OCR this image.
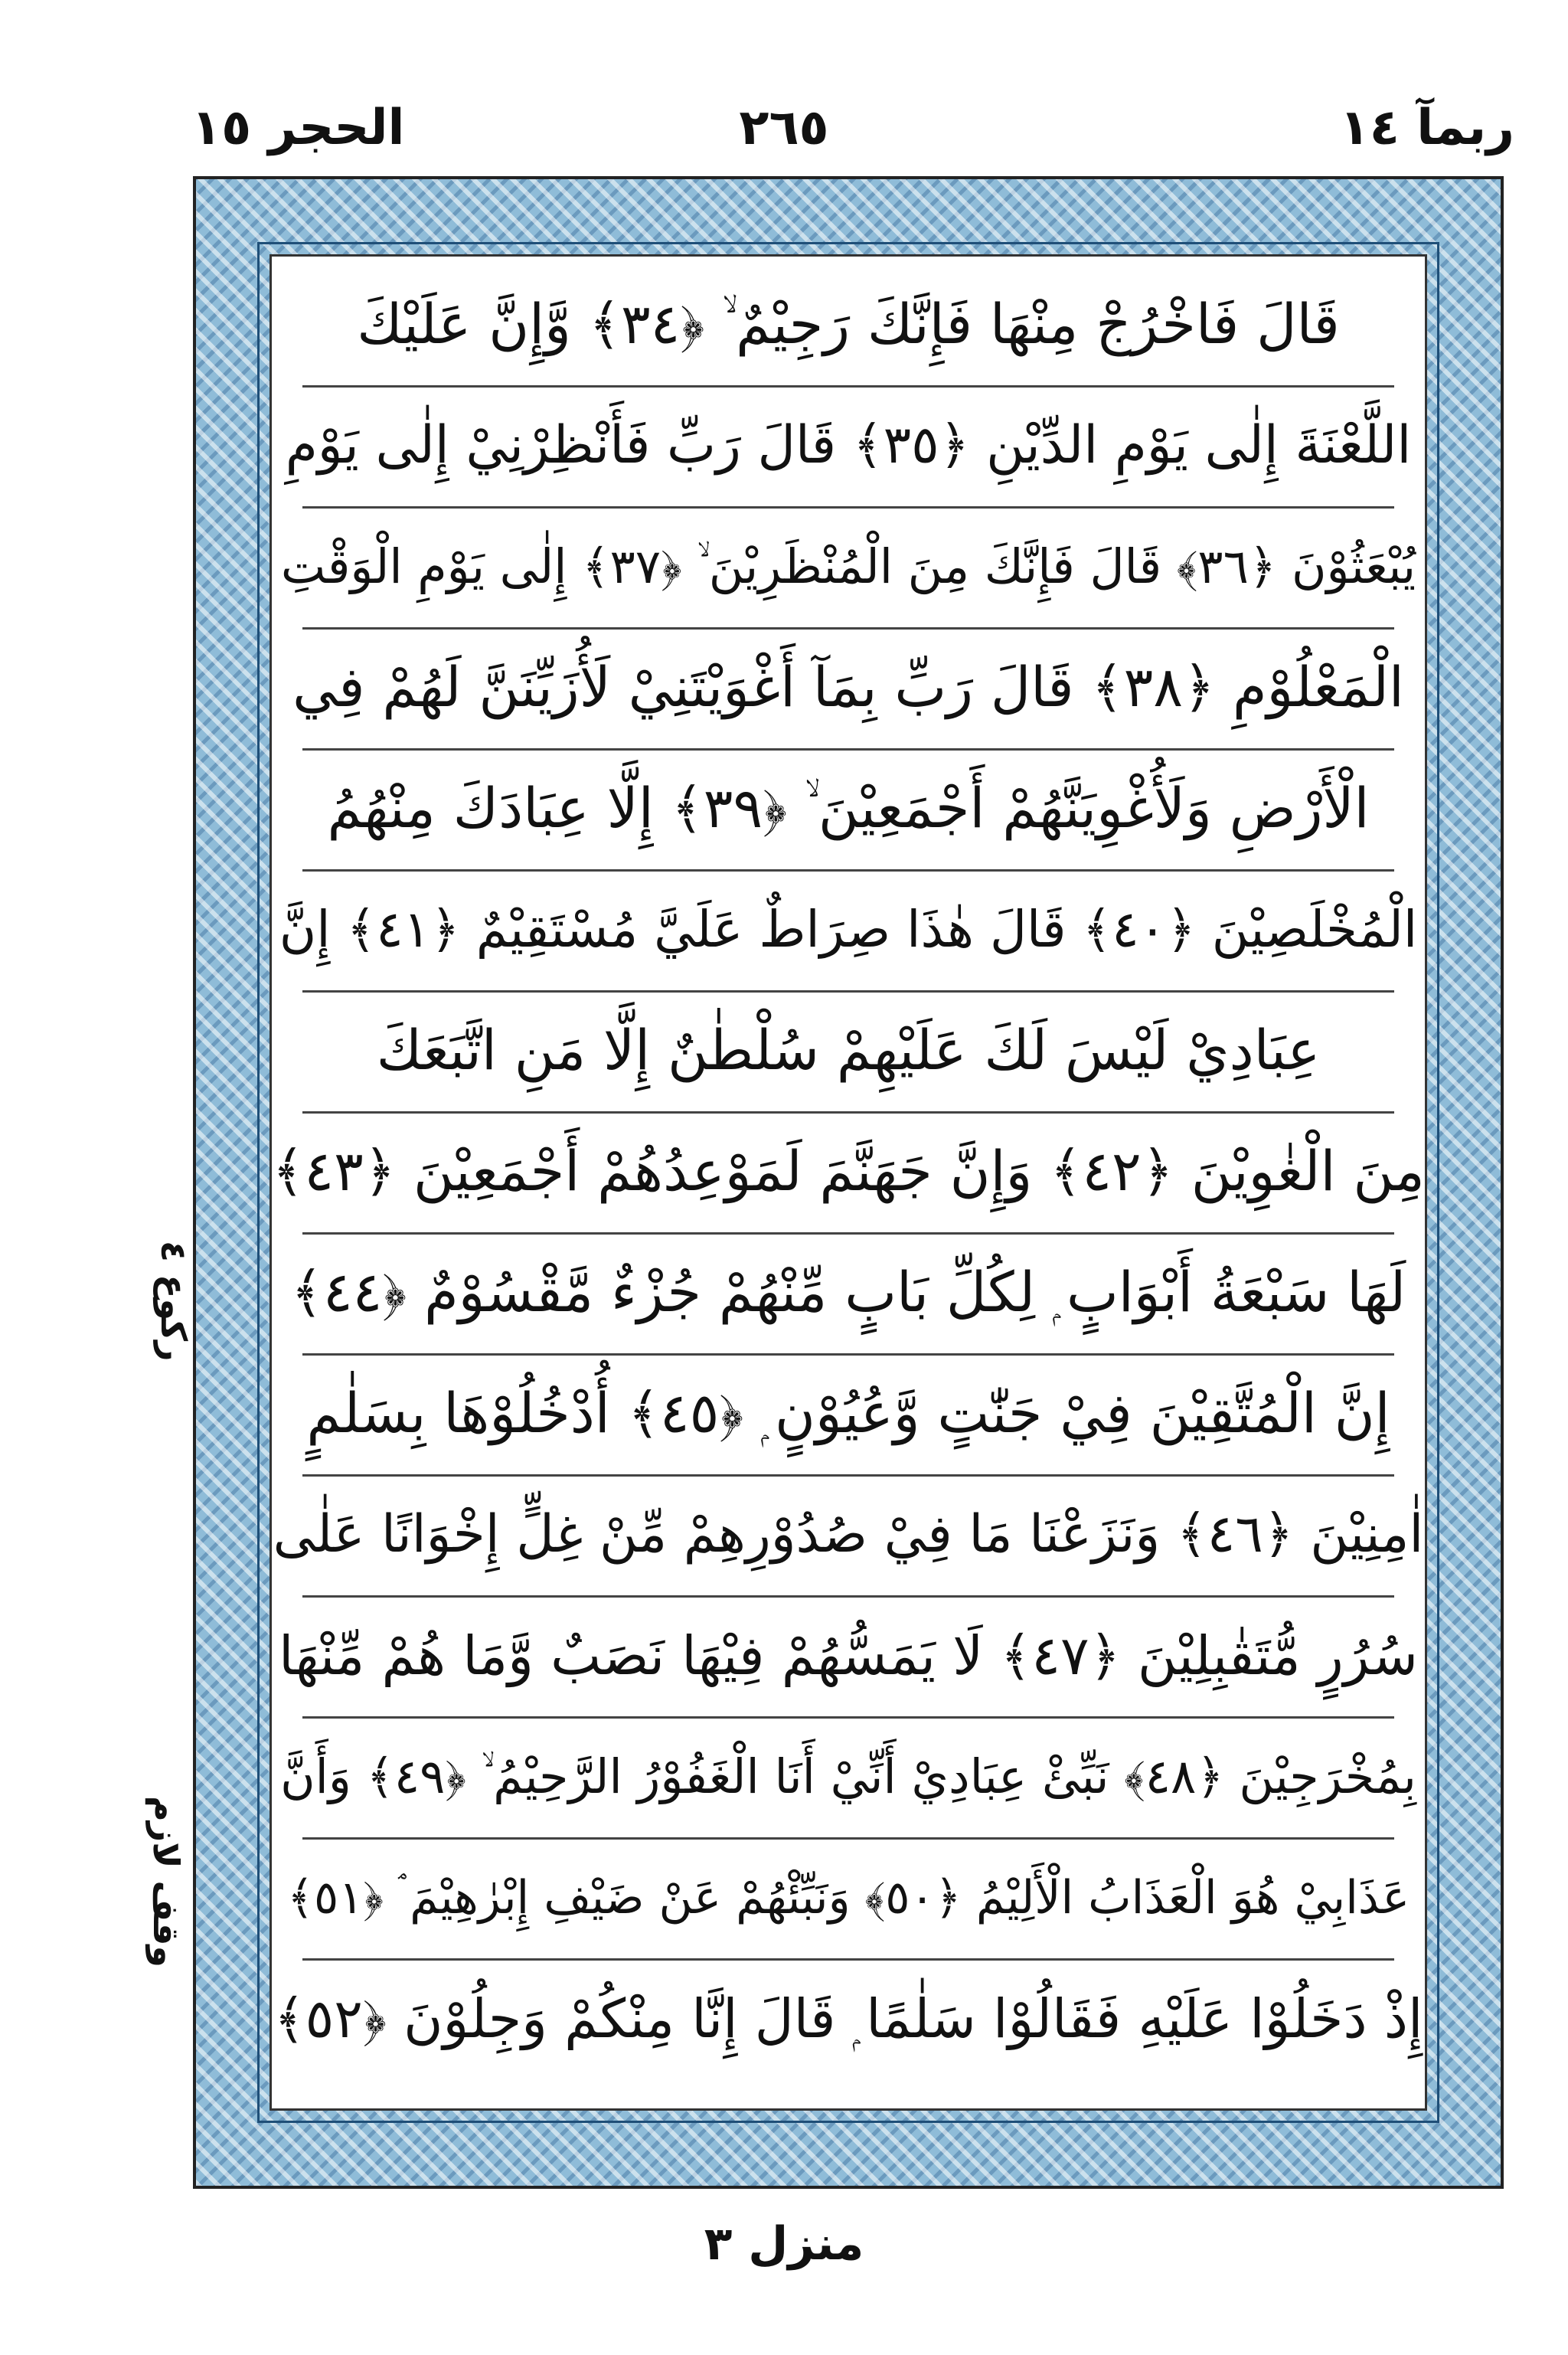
ربمآ ١٤
٢٦٥
الحجر ١٥
قَالَ فَاخْرُجْ مِنْهَا فَإِنَّكَ رَجِيْمٌ ۙ ﴿٣٤﴾ وَّإِنَّ عَلَيْكَ
اللَّعْنَةَ إِلٰى يَوْمِ الدِّيْنِ ﴿٣٥﴾ قَالَ رَبِّ فَأَنْظِرْنِيْ إِلٰى يَوْمِ
يُبْعَثُوْنَ ﴿٣٦﴾ قَالَ فَإِنَّكَ مِنَ الْمُنْظَرِيْنَ ۙ ﴿٣٧﴾ إِلٰى يَوْمِ الْوَقْتِ
الْمَعْلُوْمِ ﴿٣٨﴾ قَالَ رَبِّ بِمَآ أَغْوَيْتَنِيْ لَأُزَيِّنَنَّ لَهُمْ فِي
الْأَرْضِ وَلَأُغْوِيَنَّهُمْ أَجْمَعِيْنَ ۙ ﴿٣٩﴾ إِلَّا عِبَادَكَ مِنْهُمُ
الْمُخْلَصِيْنَ ﴿٤٠﴾ قَالَ هٰذَا صِرَاطٌ عَلَيَّ مُسْتَقِيْمٌ ﴿٤١﴾ إِنَّ
عِبَادِيْ لَيْسَ لَكَ عَلَيْهِمْ سُلْطٰنٌ إِلَّا مَنِ اتَّبَعَكَ
مِنَ الْغٰوِيْنَ ﴿٤٢﴾ وَإِنَّ جَهَنَّمَ لَمَوْعِدُهُمْ أَجْمَعِيْنَ ﴿٤٣﴾
لَهَا سَبْعَةُ أَبْوَابٍ ۭ لِكُلِّ بَابٍ مِّنْهُمْ جُزْءٌ مَّقْسُوْمٌ ﴿٤٤﴾
إِنَّ الْمُتَّقِيْنَ فِيْ جَنّٰتٍ وَّعُيُوْنٍ ۭ ﴿٤٥﴾ أُدْخُلُوْهَا بِسَلٰمٍ
اٰمِنِيْنَ ﴿٤٦﴾ وَنَزَعْنَا مَا فِيْ صُدُوْرِهِمْ مِّنْ غِلٍّ إِخْوَانًا عَلٰى
سُرُرٍ مُّتَقٰبِلِيْنَ ﴿٤٧﴾ لَا يَمَسُّهُمْ فِيْهَا نَصَبٌ وَّمَا هُمْ مِّنْهَا
بِمُخْرَجِيْنَ ﴿٤٨﴾ نَبِّئْ عِبَادِيْ أَنِّيْ أَنَا الْغَفُوْرُ الرَّحِيْمُ ۙ ﴿٤٩﴾ وَأَنَّ
عَذَابِيْ هُوَ الْعَذَابُ الْأَلِيْمُ ﴿٥٠﴾ وَنَبِّئْهُمْ عَنْ ضَيْفِ إِبْرٰهِيْمَ ۘ ﴿٥١﴾
إِذْ دَخَلُوْا عَلَيْهِ فَقَالُوْا سَلٰمًا ۭ قَالَ إِنَّا مِنْكُمْ وَجِلُوْنَ ﴿٥٢﴾
رکوع ٤
وقف لازم
منزل ٣
